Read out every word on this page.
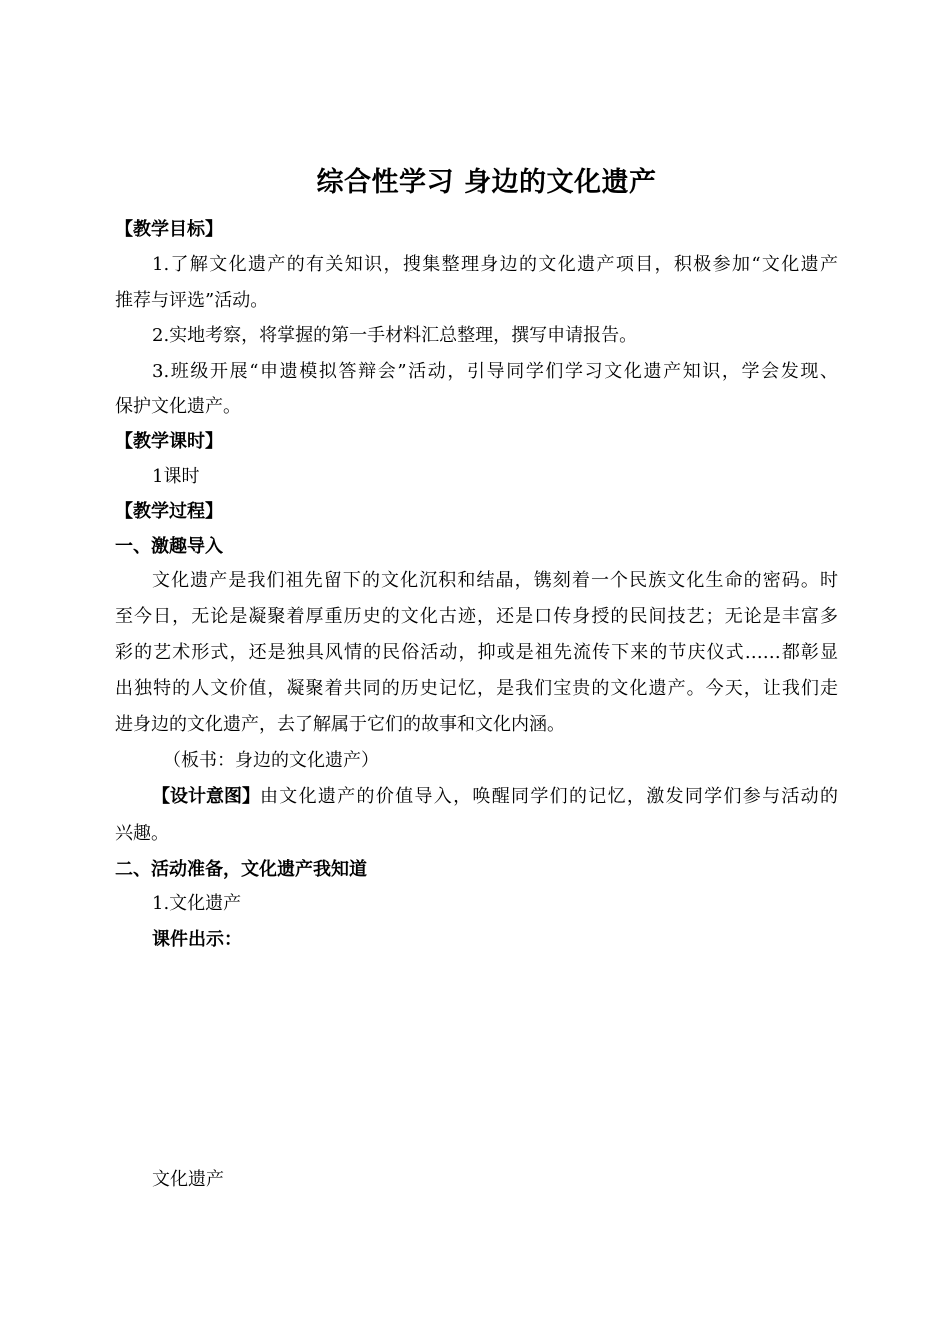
综合性学习 身边的文化遗产
【教学目标】
1.了解文化遗产的有关知识，搜集整理身边的文化遗产项目，积极参加“文化遗产
推荐与评选”活动。
2.实地考察，将掌握的第一手材料汇总整理，撰写申请报告。
3.班级开展“申遗模拟答辩会”活动，引导同学们学习文化遗产知识，学会发现、
保护文化遗产。
【教学课时】
1课时
【教学过程】
一、激趣导入
文化遗产是我们祖先留下的文化沉积和结晶，镌刻着一个民族文化生命的密码。时
至今日，无论是凝聚着厚重历史的文化古迹，还是口传身授的民间技艺；无论是丰富多
彩的艺术形式，还是独具风情的民俗活动，抑或是祖先流传下来的节庆仪式……都彰显
出独特的人文价值，凝聚着共同的历史记忆，是我们宝贵的文化遗产。今天，让我们走
进身边的文化遗产，去了解属于它们的故事和文化内涵。
（板书：身边的文化遗产）
【设计意图】 由文化遗产的价值导入，唤醒同学们的记忆，激发同学们参与活动的
兴趣。
二、活动准备，文化遗产我知道
1.文化遗产
课件出示：
文化遗产
